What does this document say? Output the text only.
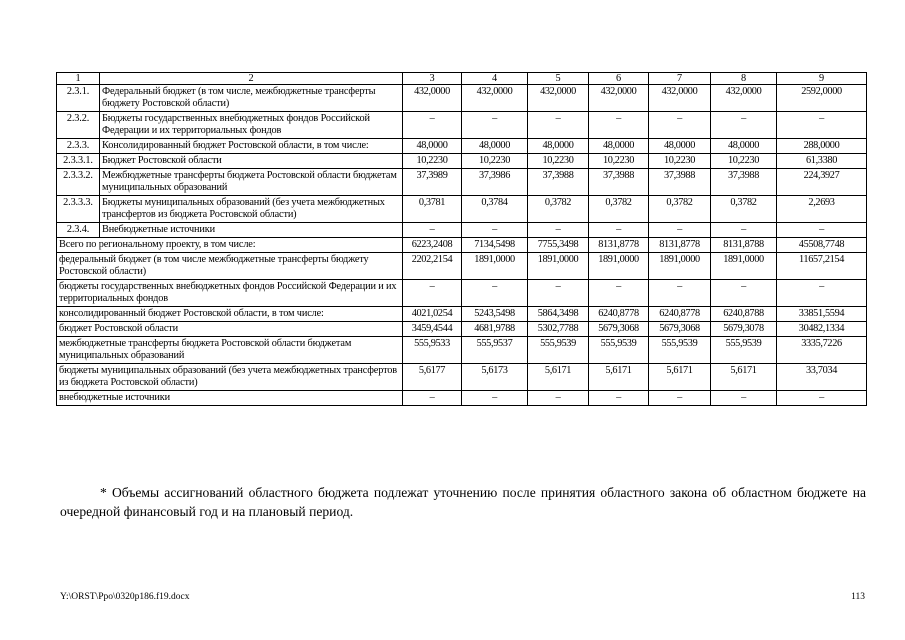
1	2	3	4	5	6	7	8	9
2.3.1.	Федеральный бюджет (в том числе, межбюджетные трансферты бюджету Ростовской области)	432,0000	432,0000	432,0000	432,0000	432,0000	432,0000	2592,0000
2.3.2.	Бюджеты государственных внебюджетных фондов Российской Федерации и их территориальных фондов	–	–	–	–	–	–	–
2.3.3.	Консолидированный бюджет Ростовской области, в том числе:	48,0000	48,0000	48,0000	48,0000	48,0000	48,0000	288,0000
2.3.3.1.	Бюджет Ростовской области	10,2230	10,2230	10,2230	10,2230	10,2230	10,2230	61,3380
2.3.3.2.	Межбюджетные трансферты бюджета Ростовской области бюджетам муниципальных образований	37,3989	37,3986	37,3988	37,3988	37,3988	37,3988	224,3927
2.3.3.3.	Бюджеты муниципальных образований (без учета межбюджетных трансфертов из бюджета Ростовской области)	0,3781	0,3784	0,3782	0,3782	0,3782	0,3782	2,2693
2.3.4.	Внебюджетные источники	–	–	–	–	–	–	–
Всего по региональному проекту, в том числе:		6223,2408	7134,5498	7755,3498	8131,8778	8131,8778	8131,8788	45508,7748
федеральный бюджет (в том числе межбюджетные трансферты бюджету Ростовской области)		2202,2154	1891,0000	1891,0000	1891,0000	1891,0000	1891,0000	11657,2154
бюджеты государственных внебюджетных фондов Российской Федерации и их территориальных фондов		–	–	–	–	–	–	–
консолидированный бюджет Ростовской области, в том числе:		4021,0254	5243,5498	5864,3498	6240,8778	6240,8778	6240,8788	33851,5594
бюджет Ростовской области		3459,4544	4681,9788	5302,7788	5679,3068	5679,3068	5679,3078	30482,1334
межбюджетные трансферты бюджета Ростовской области бюджетам муниципальных образований		555,9533	555,9537	555,9539	555,9539	555,9539	555,9539	3335,7226
бюджеты муниципальных образований (без учета межбюджетных трансфертов из бюджета Ростовской области)		5,6177	5,6173	5,6171	5,6171	5,6171	5,6171	33,7034
внебюджетные источники		–	–	–	–	–	–	–
* Объемы ассигнований областного бюджета подлежат уточнению после принятия областного закона об областном бюджете на очередной финансовый год и на плановый период.
Y:\ORST\Ppo\0320p186.f19.docx	113
